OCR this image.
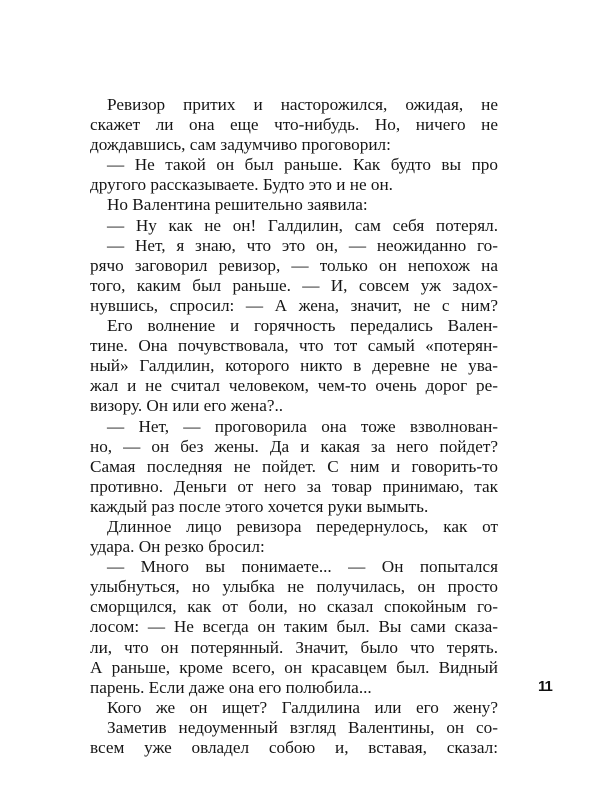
Ревизор притих и насторожился, ожидая, не
скажет ли она еще что-нибудь. Но, ничего не
дождавшись, сам задумчиво проговорил:
— Не такой он был раньше. Как будто вы про
другого рассказываете. Будто это и не он.
Но Валентина решительно заявила:
— Ну как не он! Галдилин, сам себя потерял.
— Нет, я знаю, что это он, — неожиданно го-
рячо заговорил ревизор, — только он непохож на
того, каким был раньше. — И, совсем уж задох-
нувшись, спросил: — А жена, значит, не с ним?
Его волнение и горячность передались Вален-
тине. Она почувствовала, что тот самый «потерян-
ный» Галдилин, которого никто в деревне не ува-
жал и не считал человеком, чем-то очень дорог ре-
визору. Он или его жена?..
— Нет, — проговорила она тоже взволнован-
но, — он без жены. Да и какая за него пойдет?
Самая последняя не пойдет. С ним и говорить-то
противно. Деньги от него за товар принимаю, так
каждый раз после этого хочется руки вымыть.
Длинное лицо ревизора передернулось, как от
удара. Он резко бросил:
— Много вы понимаете... — Он попытался
улыбнуться, но улыбка не получилась, он просто
сморщился, как от боли, но сказал спокойным го-
лосом: — Не всегда он таким был. Вы сами сказа-
ли, что он потерянный. Значит, было что терять.
А раньше, кроме всего, он красавцем был. Видный
парень. Если даже она его полюбила...
Кого же он ищет? Галдилина или его жену?
Заметив недоуменный взгляд Валентины, он со-
всем уже овладел собою и, вставая, сказал:
11
